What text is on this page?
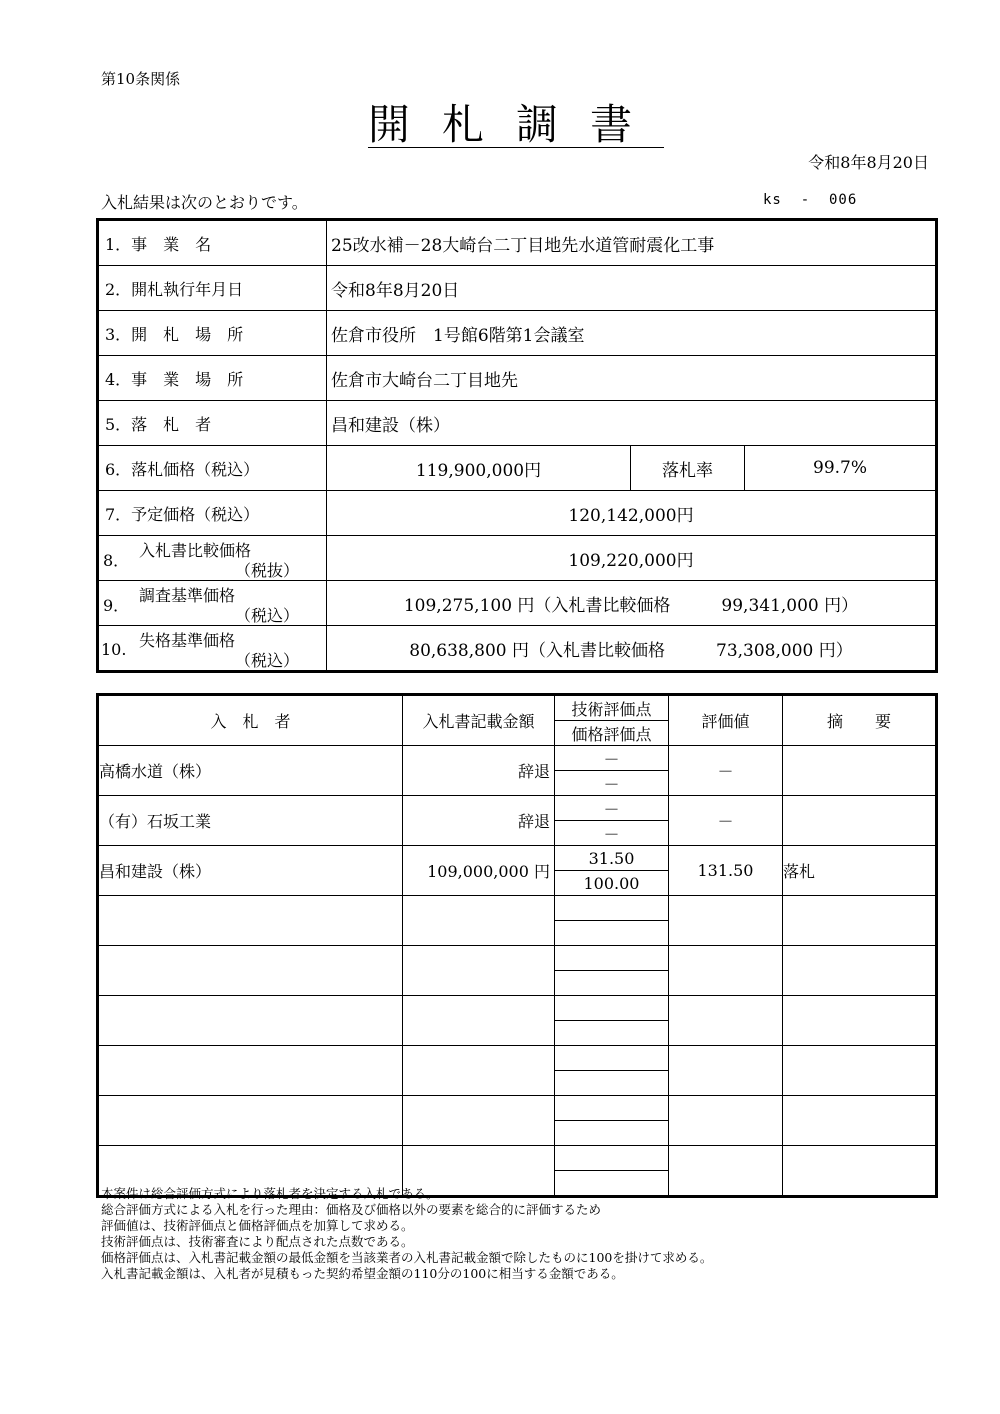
第10条関係
開札調書
令和8年8月20日
入札結果は次のとおりです。	ks  -  006
1．事　業　名	25改水補－28大崎台二丁目地先水道管耐震化工事		
2．開札執行年月日	令和8年8月20日		
3．開　札　場　所	佐倉市役所　1号館6階第1会議室		
4．事　業　場　所	佐倉市大崎台二丁目地先		
5．落　札　者	昌和建設（株）		
6．落札価格（税込）	119,900,000円	落札率	99.7%
7．予定価格（税込）	120,142,000円		

8．
入札書比較価格
（税抜）	109,220,000円		

9．
調査基準価格
（税込）	109,275,100 円（入札書比較価格　　　99,341,000 円）		

10. 失格基準価格
（税込）	80,638,800 円（入札書比較価格　　　73,308,000 円）		
入　札　者	入札書記載金額	技術評価点	評価値	摘　　要
		価格評価点		
高橋水道（株）	辞退	－	－	
		－		
（有）石坂工業	辞退	－	－	
		－		
昌和建設（株）	109,000,000 円	31.50	131.50	落札
		100.00		

本案件は総合評価方式により落札者を決定する入札である。
総合評価方式による入札を行った理由：価格及び価格以外の要素を総合的に評価するため
評価値は、技術評価点と価格評価点を加算して求める。
技術評価点は、技術審査により配点された点数である。
価格評価点は、入札書記載金額の最低金額を当該業者の入札書記載金額で除したものに100を掛けて求める。
入札書記載金額は、入札者が見積もった契約希望金額の110分の100に相当する金額である。
